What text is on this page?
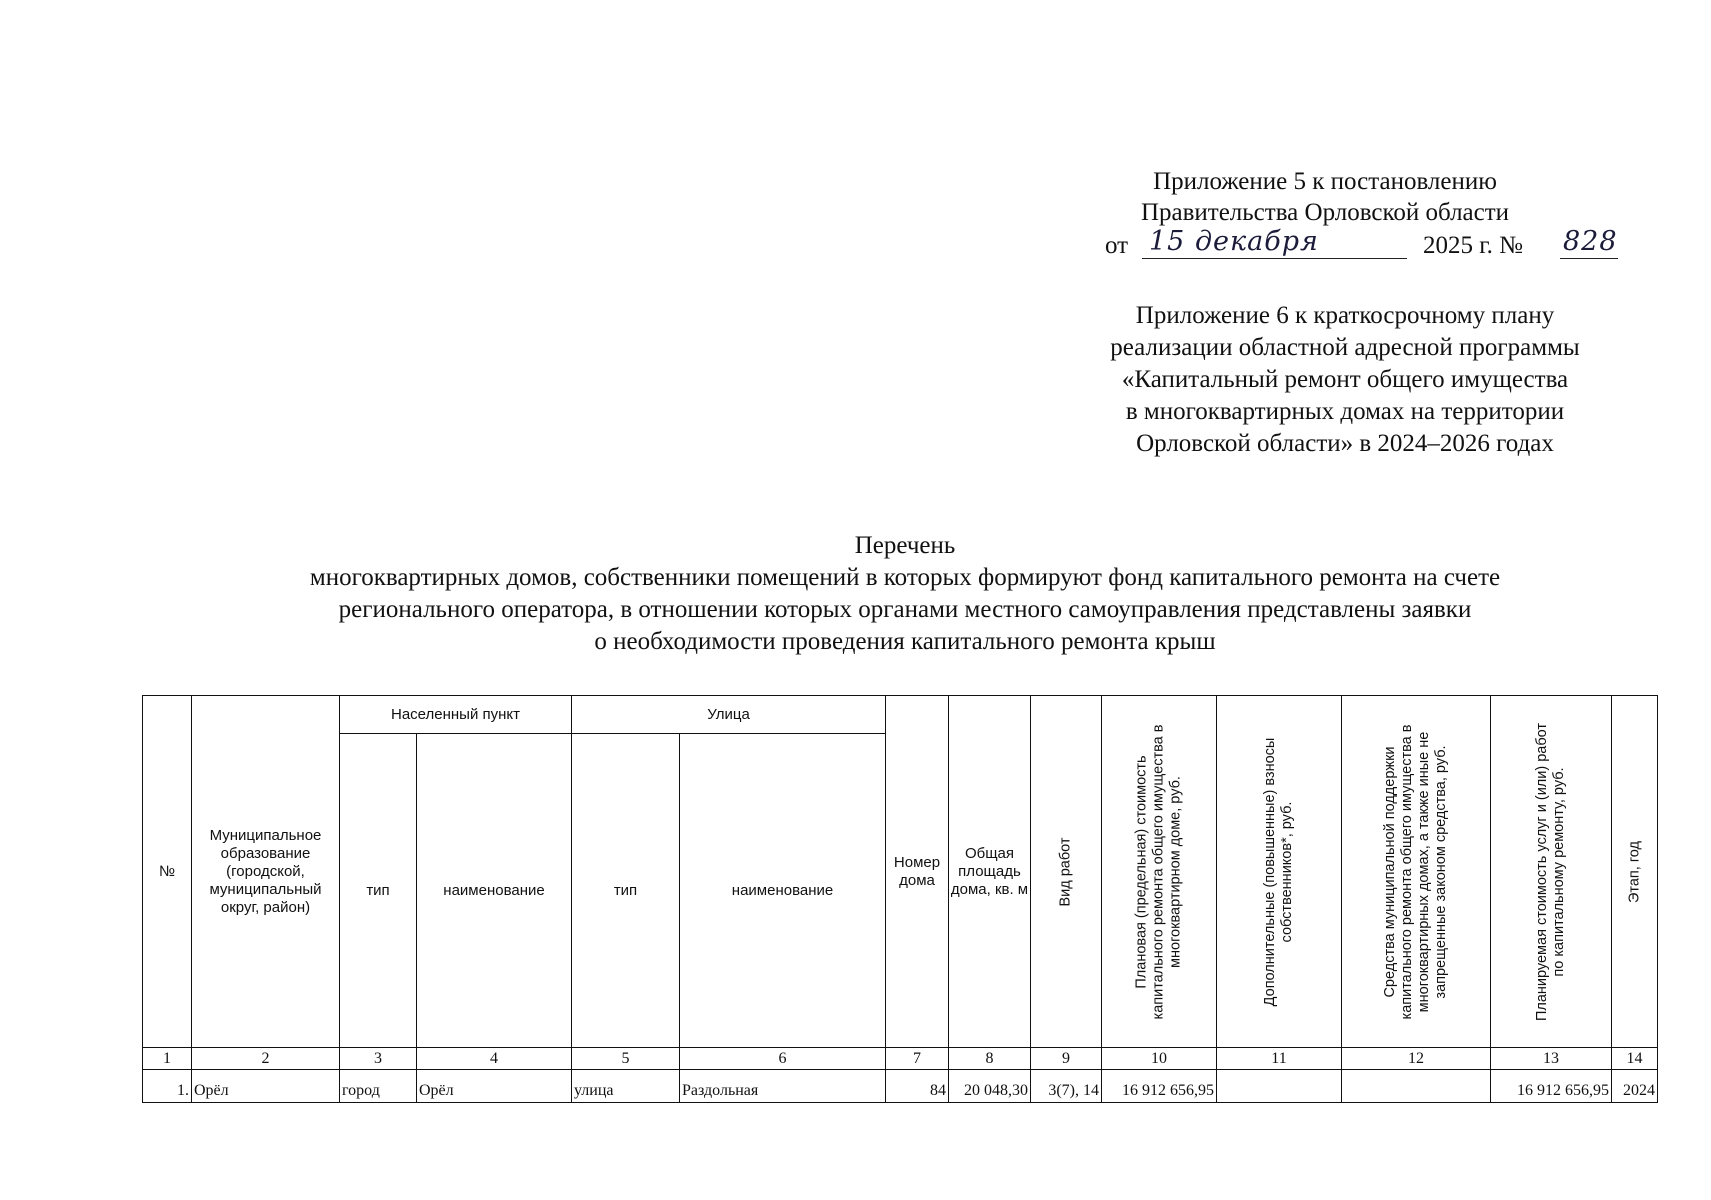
Приложение 5 к постановлению
Правительства Орловской области
от 15 декабря	2025 г. № 828
Приложение 6 к краткосрочному плану
реализации областной адресной программы
«Капитальный ремонт общего имущества
в многоквартирных домах на территории
Орловской области» в 2024–2026 годах
Перечень
многоквартирных домов, собственники помещений в которых формируют фонд капитального ремонта на счете
регионального оператора, в отношении которых органами местного самоуправления представлены заявки
о необходимости проведения капитального ремонта крыш
№	Муниципальное образование (городской, муниципальный округ, район)	Населенный пункт		Улица		Номер дома	Общая площадь дома, кв. м	Вид работ	Плановая (предельная) стоимость капитального ремонта общего имущества в многоквартирном доме, руб.	Дополнительные (повышенные) взносы собственников*, руб.	Средства муниципальной поддержки капитального ремонта общего имущества в многоквартирных домах, а также иные не запрещенные законом средства, руб.	Планируемая стоимость услуг и (или) работ по капитальному ремонту, руб.	Этап, год

		тип	наименование	тип	наименование								
1	2	3	4	5	6	7	8	9	10	11	12	13	14
1.	Орёл	город	Орёл	улица	Раздольная	84	20 048,30	3(7), 14	16 912 656,95			16 912 656,95	2024
